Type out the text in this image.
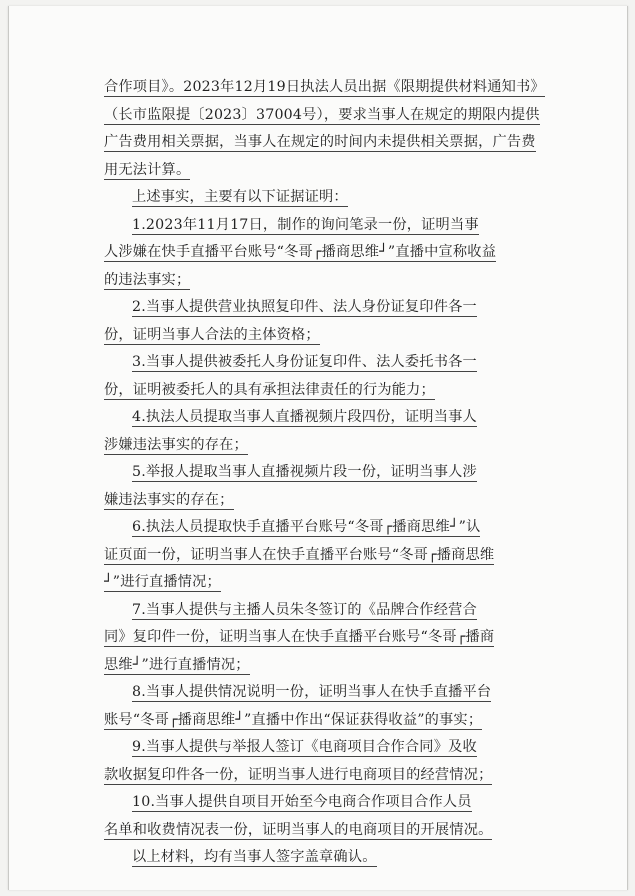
合作项目》。2023年12月19日执法人员出据《限期提供材料通知书》
（长市监限提〔2023〕37004号），要求当事人在规定的期限内提供
广告费用相关票据，当事人在规定的时间内未提供相关票据，广告费
用无法计算。
上述事实，主要有以下证据证明：
1.2023年11月17日，制作的询问笔录一份，证明当事
人涉嫌在快手直播平台账号“冬哥┌播商思维┘”直播中宣称收益
的违法事实；
2.当事人提供营业执照复印件、法人身份证复印件各一
份，证明当事人合法的主体资格；
3.当事人提供被委托人身份证复印件、法人委托书各一
份，证明被委托人的具有承担法律责任的行为能力；
4.执法人员提取当事人直播视频片段四份，证明当事人
涉嫌违法事实的存在；
5.举报人提取当事人直播视频片段一份，证明当事人涉
嫌违法事实的存在；
6.执法人员提取快手直播平台账号“冬哥┌播商思维┘”认
证页面一份，证明当事人在快手直播平台账号“冬哥┌播商思维
┘”进行直播情况；
7.当事人提供与主播人员朱冬签订的《品牌合作经营合
同》复印件一份，证明当事人在快手直播平台账号“冬哥┌播商
思维┘”进行直播情况；
8.当事人提供情况说明一份，证明当事人在快手直播平台
账号“冬哥┌播商思维┘”直播中作出“保证获得收益”的事实；
9.当事人提供与举报人签订《电商项目合作合同》及收
款收据复印件各一份，证明当事人进行电商项目的经营情况；
10.当事人提供自项目开始至今电商合作项目合作人员
名单和收费情况表一份，证明当事人的电商项目的开展情况。
以上材料，均有当事人签字盖章确认。
